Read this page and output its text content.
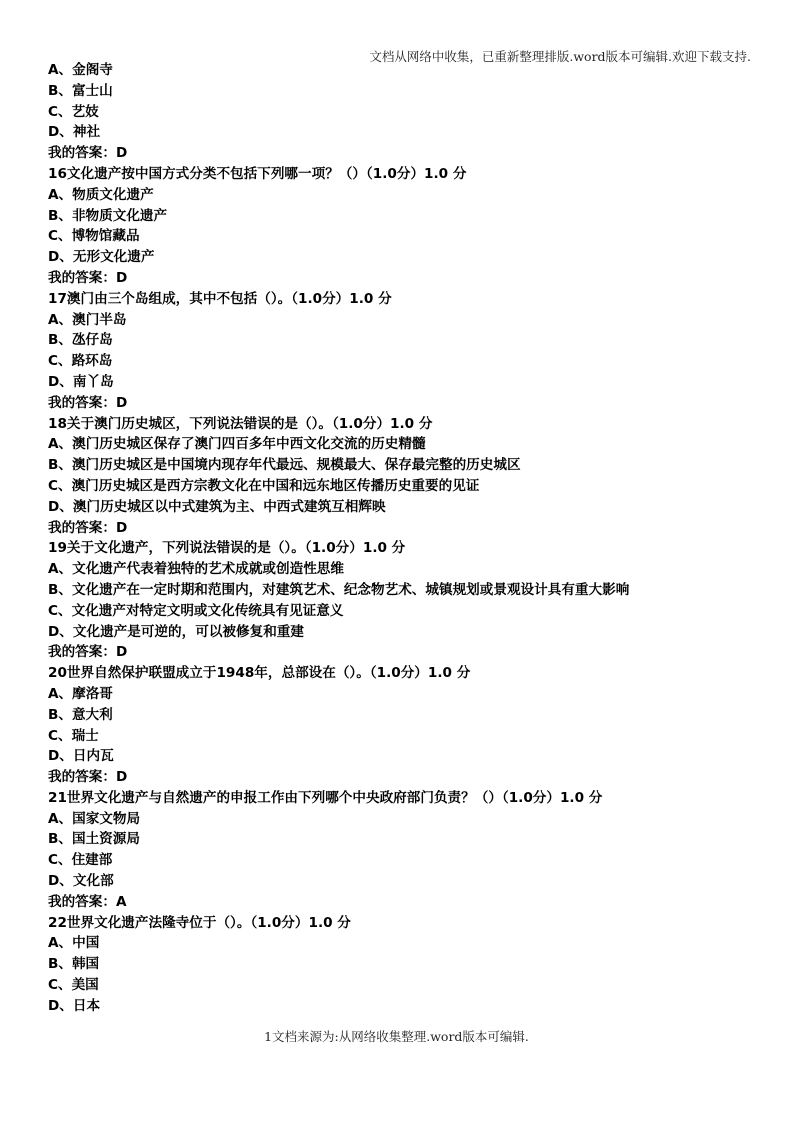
文档从网络中收集，已重新整理排版.word版本可编辑.欢迎下载支持.
A、金阁寺
B、富士山
C、艺妓
D、神社
我的答案：D
16文化遗产按中国方式分类不包括下列哪一项？（）（1.0分）1.0 分
A、物质文化遗产
B、非物质文化遗产
C、博物馆藏品
D、无形文化遗产
我的答案：D
17澳门由三个岛组成，其中不包括（）。（1.0分）1.0 分
A、澳门半岛
B、氹仔岛
C、路环岛
D、南丫岛
我的答案：D
18关于澳门历史城区，下列说法错误的是（）。（1.0分）1.0 分
A、澳门历史城区保存了澳门四百多年中西文化交流的历史精髓
B、澳门历史城区是中国境内现存年代最远、规模最大、保存最完整的历史城区
C、澳门历史城区是西方宗教文化在中国和远东地区传播历史重要的见证
D、澳门历史城区以中式建筑为主、中西式建筑互相辉映
我的答案：D
19关于文化遗产，下列说法错误的是（）。（1.0分）1.0 分
A、文化遗产代表着独特的艺术成就或创造性思维
B、文化遗产在一定时期和范围内，对建筑艺术、纪念物艺术、城镇规划或景观设计具有重大影响
C、文化遗产对特定文明或文化传统具有见证意义
D、文化遗产是可逆的，可以被修复和重建
我的答案：D
20世界自然保护联盟成立于1948年，总部设在（）。（1.0分）1.0 分
A、摩洛哥
B、意大利
C、瑞士
D、日内瓦
我的答案：D
21世界文化遗产与自然遗产的申报工作由下列哪个中央政府部门负责？（）（1.0分）1.0 分
A、国家文物局
B、国土资源局
C、住建部
D、文化部
我的答案：A
22世界文化遗产法隆寺位于（）。（1.0分）1.0 分
A、中国
B、韩国
C、美国
D、日本
1文档来源为:从网络收集整理.word版本可编辑.
